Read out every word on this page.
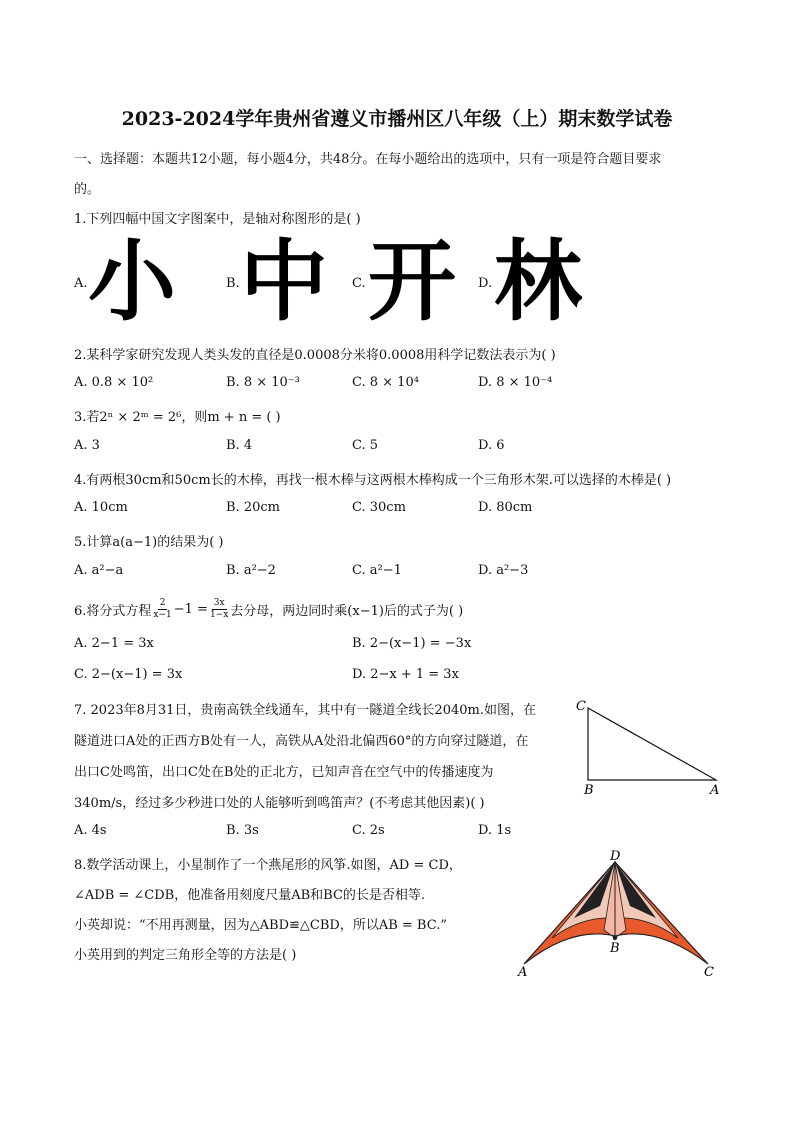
2023-2024学年贵州省遵义市播州区八年级（上）期末数学试卷
一、选择题：本题共12小题，每小题4分，共48分。在每小题给出的选项中，只有一项是符合题目要求
的。
1.下列四幅中国文字图案中，是轴对称图形的是( )
A. 小	B. 中 C. 开 D. 林
2.某科学家研究发现人类头发的直径是0.0008分米将0.0008用科学记数法表示为( )
A. 0.8 × 10²	B. 8 × 10⁻³	C. 8 × 10⁴	D. 8 × 10⁻⁴
3.若2ⁿ × 2ᵐ = 2⁶，则m + n = ( )
A. 3	B. 4	C. 5	D. 6
4.有两根30cm和50cm长的木棒，再找一根木棒与这两根木棒构成一个三角形木架.可以选择的木棒是( )
A. 10cm	B. 20cm	C. 30cm	D. 80cm
5.计算a(a−1)的结果为( )
A. a²−a	B. a²−2	C. a²−1	D. a²−3
6.将分式方程 $\frac{2}{x-1} -1 = \frac{3x}{1-x}$ 去分母，两边同时乘(x−1)后的式子为( )
A. 2−1 = 3x	B. 2−(x−1) = −3x
C. 2−(x−1) = 3x	D. 2−x + 1 = 3x
7. 2023年8月31日，贵南高铁全线通车，其中有一隧道全线长2040m.如图，在
隧道进口A处的正西方B处有一人，高铁从A处沿北偏西60°的方向穿过隧道，在
出口C处鸣笛，出口C处在B处的正北方，已知声音在空气中的传播速度为
340m/s，经过多少秒进口处的人能够听到鸣笛声？(不考虑其他因素)( )
A. 4s	B. 3s	C. 2s	D. 1s
C
B	A
8.数学活动课上，小星制作了一个燕尾形的风筝.如图，AD = CD，
∠ADB = ∠CDB，他准备用刻度尺量AB和BC的长是否相等.
小英却说：“不用再测量，因为△ABD≌△CBD，所以AB = BC.”
小英用到的判定三角形全等的方法是( )
D
B
A	C
